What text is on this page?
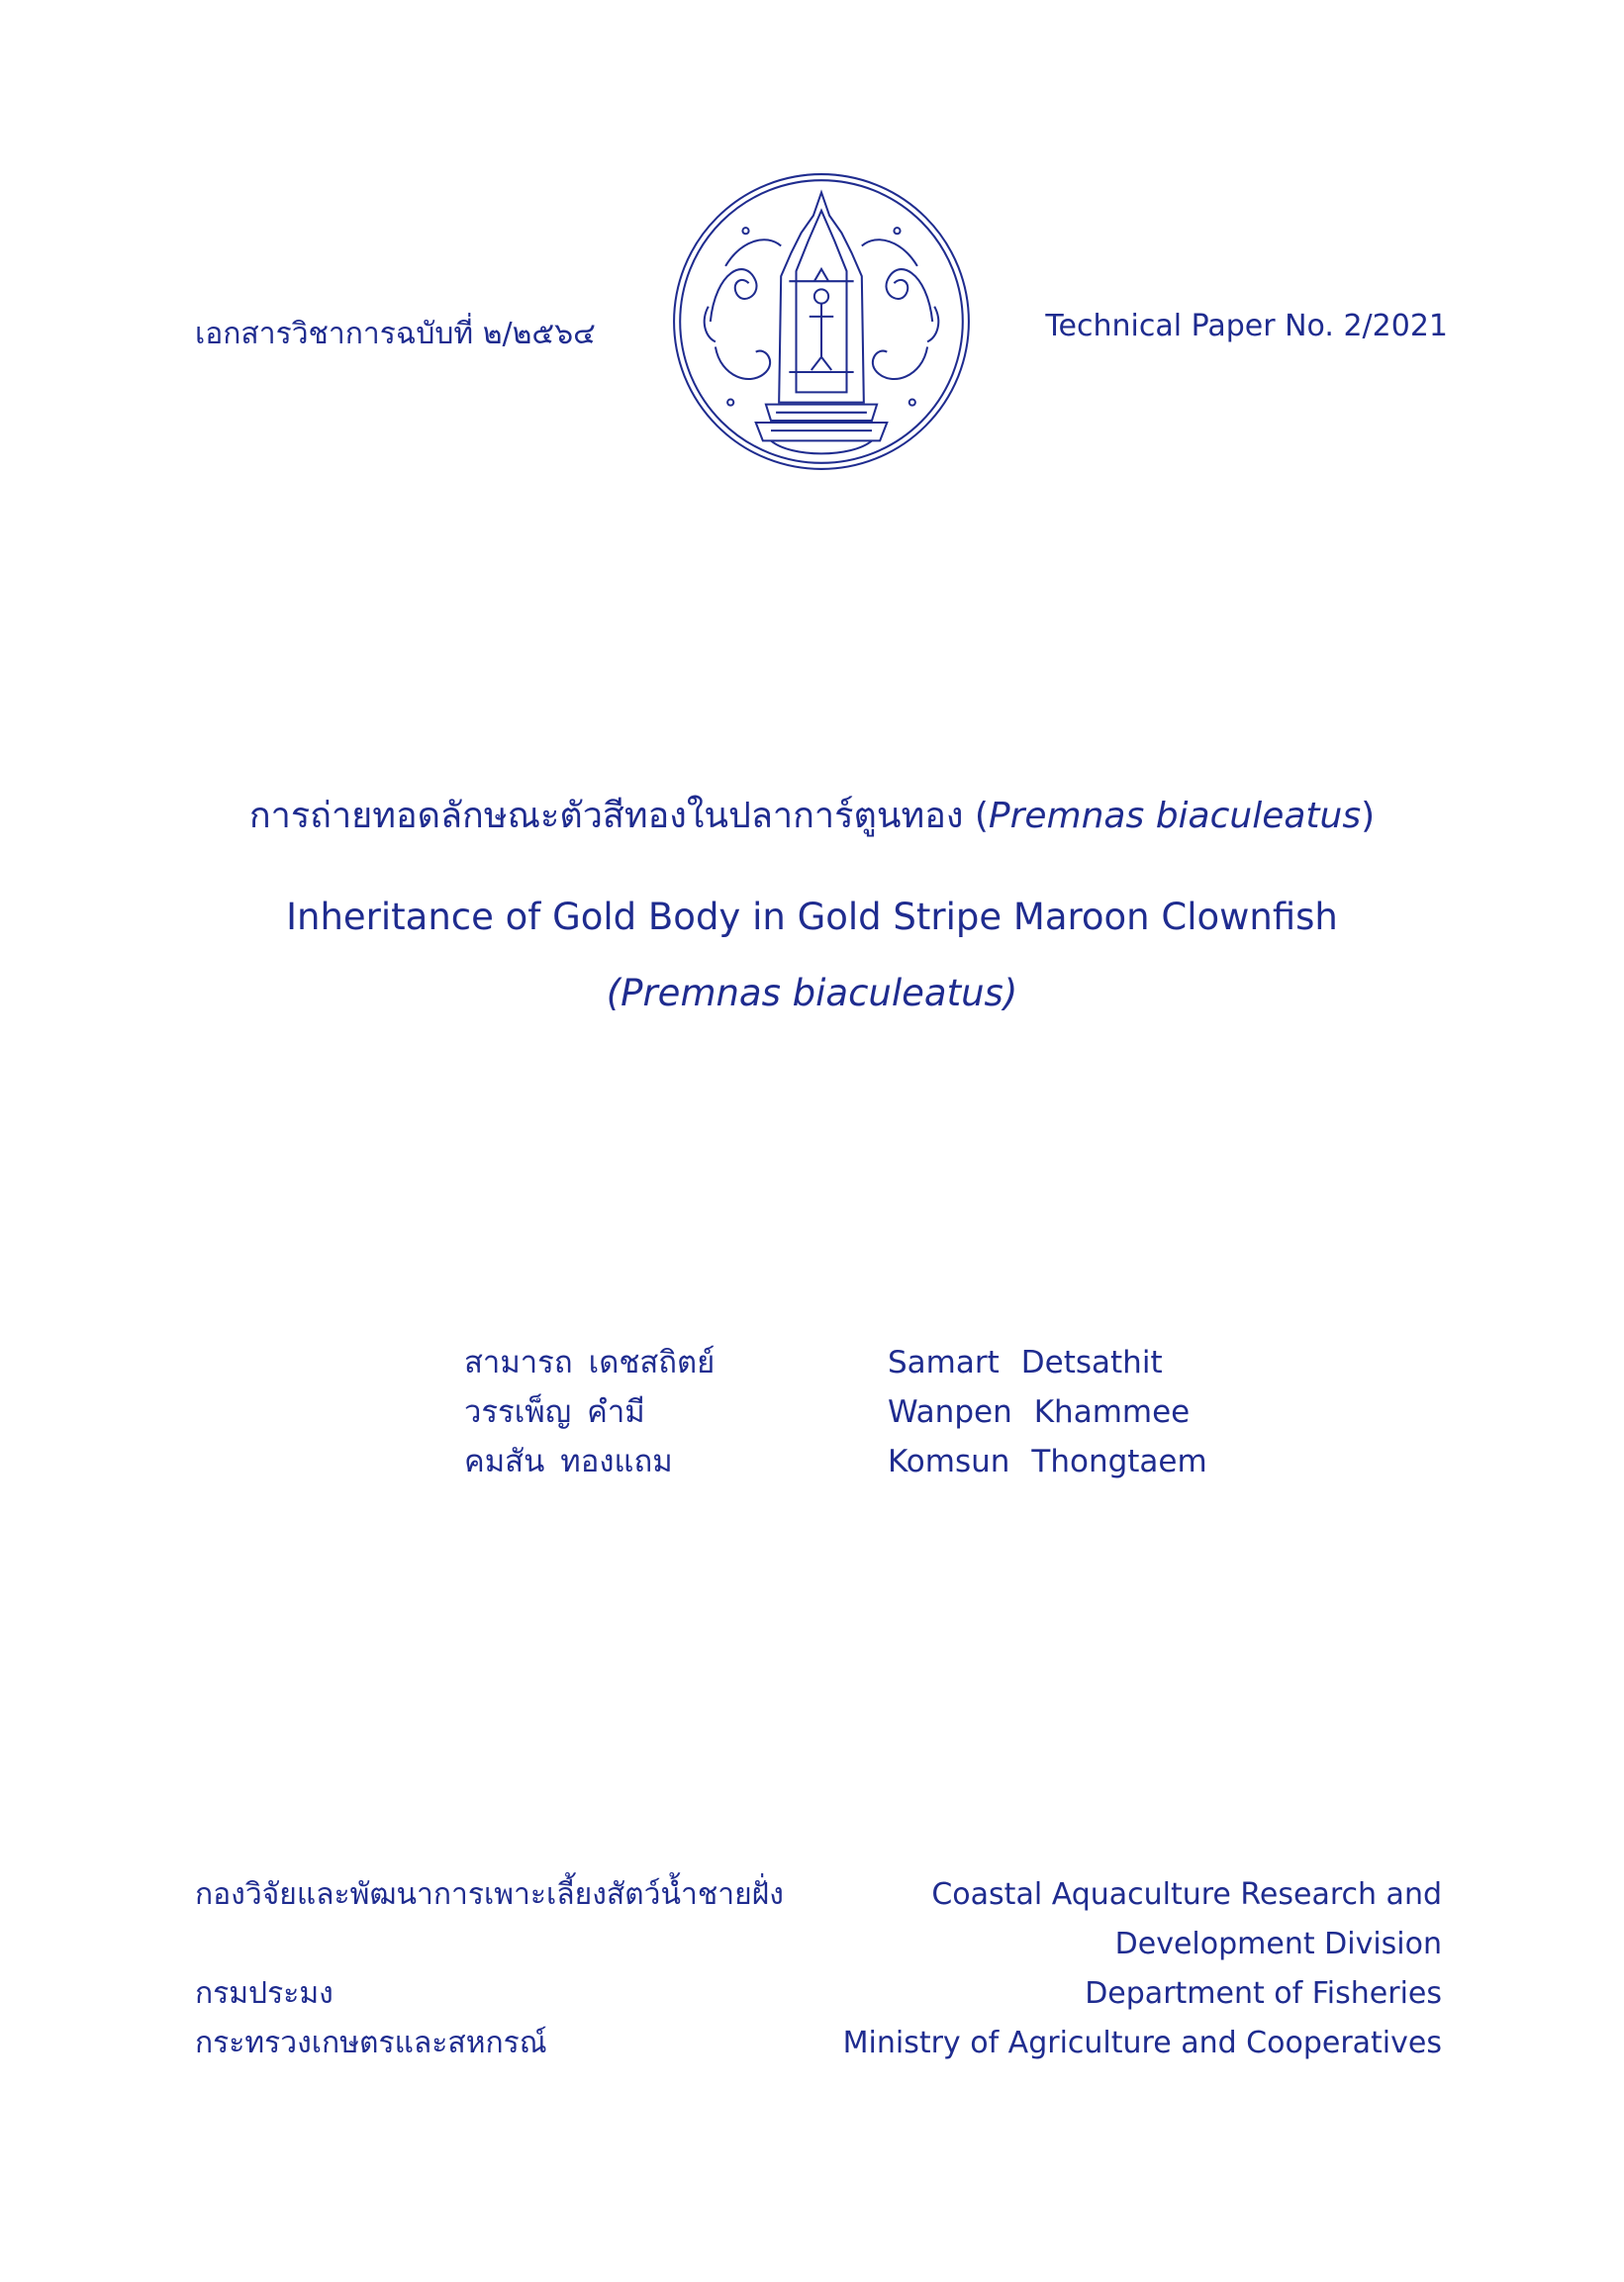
เอกสารวิชาการฉบับที่ ๒/๒๕๖๔	Technical Paper No. 2/2021
การถ่ายทอดลักษณะตัวสีทองในปลาการ์ตูนทอง (Premnas biaculeatus)
Inheritance of Gold Body in Gold Stripe Maroon Clownfish
(Premnas biaculeatus)
สามารถ เดชสถิตย์
วรรเพ็ญ คำมี
คมสัน ทองแถม
Samart Detsathit
Wanpen Khammee
Komsun Thongtaem
กองวิจัยและพัฒนาการเพาะเลี้ยงสัตว์น้ำชายฝั่ง
กรมประมง
กระทรวงเกษตรและสหกรณ์
Coastal Aquaculture Research and
Development Division
Department of Fisheries
Ministry of Agriculture and Cooperatives
